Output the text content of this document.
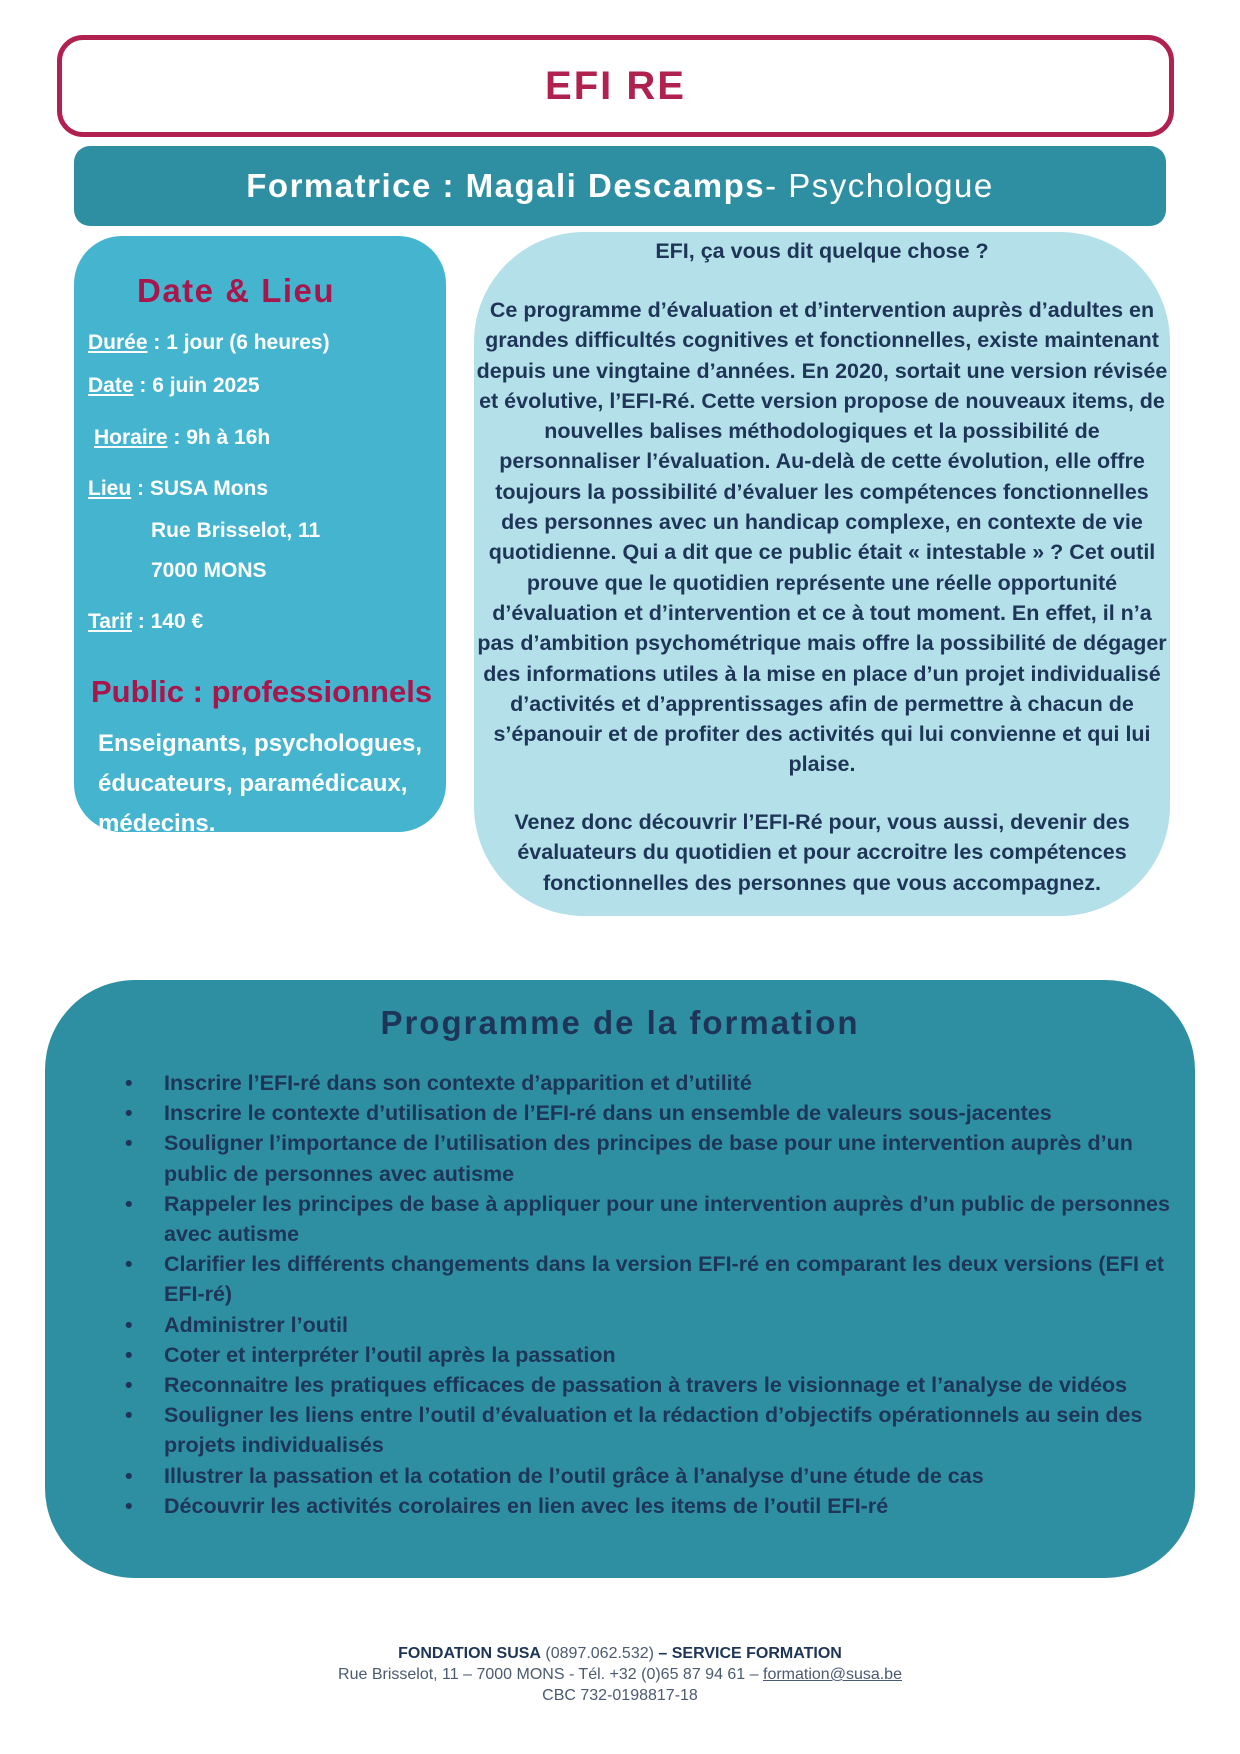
EFI RE
Formatrice : Magali Descamps - Psychologue
Date & Lieu
Durée : 1 jour (6 heures)
Date : 6 juin 2025
Horaire : 9h à 16h
Lieu : SUSA Mons
Rue Brisselot, 11
7000 MONS
Tarif : 140 €
Public : professionnels
Enseignants, psychologues, éducateurs, paramédicaux, médecins.
EFI, ça vous dit quelque chose ?
Ce programme d’évaluation et d’intervention auprès d’adultes en grandes difficultés cognitives et fonctionnelles, existe maintenant depuis une vingtaine d’années. En 2020, sortait une version révisée et évolutive, l’EFI-Ré. Cette version propose de nouveaux items, de nouvelles balises méthodologiques et la possibilité de personnaliser l’évaluation. Au-delà de cette évolution, elle offre toujours la possibilité d’évaluer les compétences fonctionnelles des personnes avec un handicap complexe, en contexte de vie quotidienne. Qui a dit que ce public était « intestable » ? Cet outil prouve que le quotidien représente une réelle opportunité d’évaluation et d’intervention et ce à tout moment. En effet, il n’a pas d’ambition psychométrique mais offre la possibilité de dégager des informations utiles à la mise en place d’un projet individualisé d’activités et d’apprentissages afin de permettre à chacun de s’épanouir et de profiter des activités qui lui convienne et qui lui plaise.
Venez donc découvrir l’EFI-Ré pour, vous aussi, devenir des évaluateurs du quotidien et pour accroitre les compétences fonctionnelles des personnes que vous accompagnez.
Programme de la formation
• Inscrire l’EFI-ré dans son contexte d’apparition et d’utilité
• Inscrire le contexte d’utilisation de l’EFI-ré dans un ensemble de valeurs sous-jacentes
• Souligner l’importance de l’utilisation des principes de base pour une intervention auprès d’un public de personnes avec autisme
• Rappeler les principes de base à appliquer pour une intervention auprès d’un public de personnes avec autisme
• Clarifier les différents changements dans la version EFI-ré en comparant les deux versions (EFI et EFI-ré)
• Administrer l’outil
• Coter et interpréter l’outil après la passation
• Reconnaitre les pratiques efficaces de passation à travers le visionnage et l’analyse de vidéos
• Souligner les liens entre l’outil d’évaluation et la rédaction d’objectifs opérationnels au sein des projets individualisés
• Illustrer la passation et la cotation de l’outil grâce à l’analyse d’une étude de cas
• Découvrir les activités corolaires en lien avec les items de l’outil EFI-ré
FONDATION SUSA (0897.062.532) – SERVICE FORMATION
Rue Brisselot, 11 – 7000 MONS - Tél. +32 (0)65 87 94 61 – formation@susa.be
CBC 732-0198817-18
